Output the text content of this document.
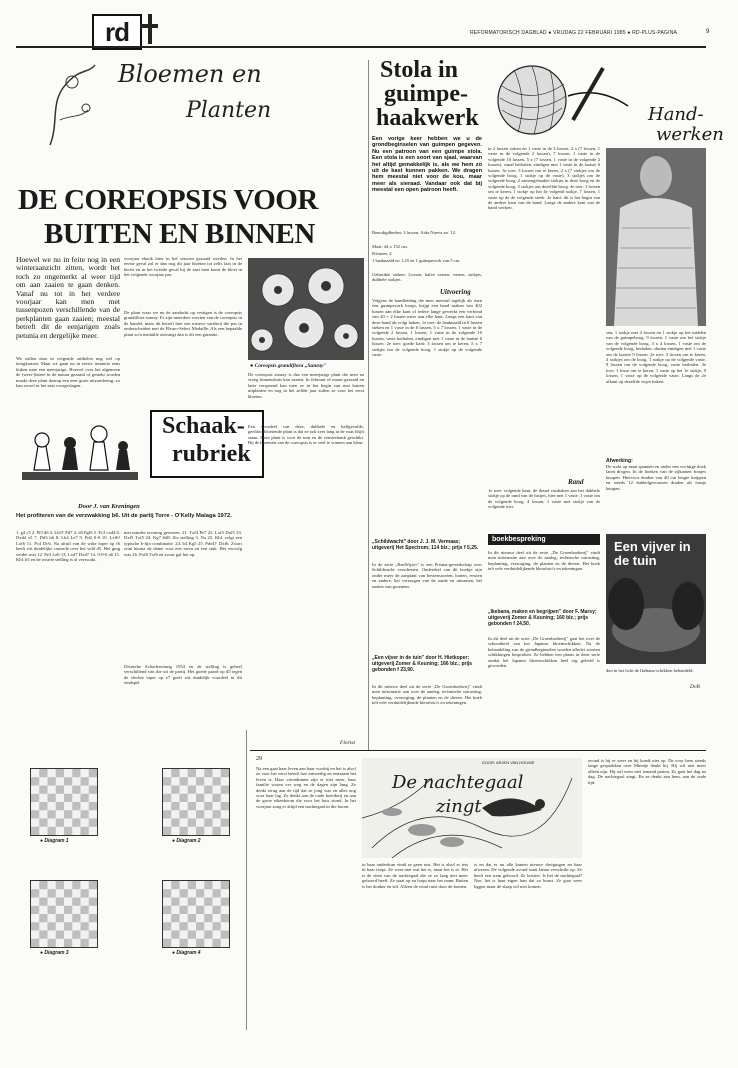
rd	REFORMATORISCH DAGBLAD ● VRIJDAG 22 FEBRUARI 1985 ● RD-PLUS-PAGINA	9
Bloemen en
Planten
DE COREOPSIS VOOR
BUITEN EN BINNEN
Hoewel we nu in feite nog in een winteraanzicht zitten, wordt het toch zo ongemerkt al weer tijd om aan zaaien te gaan denken. Vanaf nu tot in het verdere voorjaar kan men met tussenpozen verschillende van de perkplanten gaan zaaien; meestal betreft dit de eenjarigen zoals petunia en dergelijke meer.
We zullen daar in volgende artikelen nog wel op terugkomen. Maar we gaan nu in eerste instantie eens kijken naar een meerjarige. Hoewel over het algemeen de (weer-)latere in de natuur gezaaid of gestekt worden maakt deze plant daarop een zeer grote uitzondering; zo kan zowel in het zaai voorgeslagen.
voorjaar ebook later in het seizoen gezaaid worden. In het eerste geval zal er dan nog dit jaar bloeien tot zelfs laat in de herfst en in het tweede geval bij de zaai men komt de bloei in het volgende voorjaar pas.
De plant waar we nu de aandacht op vestigen is de coreopsis grandiflora sunray. Er zijn meerdere soorten van de coreopsis in de handel, maar dit betreft hier een nieuwe variëteit die pas in onderscheiden met de Fleuro-Select Medaille. Als een bepaalde plant zo'n medaille ontvangt dan is dit een garantie.
● Coreopsis grandiflora „Sunray"
De coreopsis sunray is dus een meerjarige plant die men na vroeg binnenshuis kan zaaien. In februari of maart gezaaid en later verspeend kan men ze in het begin van mei buiten uitplanten en nog in het zelfde jaar zullen ze voor het eerst bloeien.
Schaak-
rubriek
Een voordeel van deze, dubbele en halfgevulde, geeldoorbloeiende plant is dat ze ook zeer lang in de vaas blijft staan. Deze plant is voor de tuin en de vensterbank geschikt. Bij de bloemen van de coreopsis is er veel te winnen aan kleur.
Door J. van Kreningen
Het profiteren van de verzwakking b6. Uit de partij Torre - O'Kelly Malaga 1972.
1. g4 c5 2. Pf3 d6 3. Lb5† Pd7 4. d4 Pgf6 5. Pc3 cxd4 6. Dxd4 e5 7. Dd3 h6 8. Lh4 Le7 9. Pd2 0-0 10. Lxf6! Lxf6 11. Pc4 Dc6. Na afruil van de witte loper op f6 heeft wit duidelijke controle over het veld d5. Het ging verder met 12. Pe3 Le6 13. Lxd7 Dxd7 14. 0-0-0 a6 15. Kb1 b5 en de zwarte stelling is al verzwakt.
met minder ervaring gewezen. 21. Txf3 Pe7 22. Lxf5 Dxf5 23. Dxf5 Txf5 24. Kg7 Sd8. Zie stelling 3. Na 25. Kh1 volgt een typische b-lijn combinatie. 24. b4 Kg5 25. Pde4† Dxf6. Zwart wint hierna de dame voor een toren en een stuk. Het vervolg was 26. Pxf6 Txf6 en zwart gaf het op.
Deutsche Schachzeitung 1954 en de stelling is geheel verschillend van die uit de partij. Het goede paard op d5 tegen de slechte loper op e7 geeft wit duidelijk voordeel in dit eindspel.
Florist
● Diagram 1	● Diagram 2
● Diagram 3	● Diagram 4
Stola in
guimpe-
haakwerk
Een vorige keer hebben we u de grondbeginselen van guimpen gegeven. Nu een patroon van een guimpe stola. Een stola is een soort van sjaal, waarvan het altijd gemakkelijk is, als we hem zo uit de kast kunnen pakken. We dragen hem meestal niet voor de kou, maar meer als sieraad. Vandaar ook dat bij meestal een open patroon heeft.
Benodigdheden: 3 lussen, Aida Nueva no. 12.
Maat: 44 x 152 cm.
Kleuren: 4
1 haaknaald no 1,25 en 1 guimpevork van 5 cm.
Gebruikte steken: Lossen, halve vasten, vasten, stokjes, dubbele stokjes.
Uitvoering
Volgens de handleiding die men meestal tegelijk als men een guimpevork koopt, krijgt een band maken van 402 lussen aan elke kant of iedere lange gewerkt een verbond van 20 + 2 lussen meer aan elke kant. Langs een kant van deze band als volgt haken. 1e toer: de haaknaald in 6 lussen steken en 1 vaste in de 6 lussen, 5 x 7 lossen, 1 vaste in de volgende 2 lussen, 1 lossen, 1 vaste in de volgende 10 lussen, vaste herhalen, eindigen met 1 vaste in de laatste 6 lussen. 2e toer: goede kant: 3 lossen om te keren, 5 x 7 stokjes om de volgende boog, 1 stokje op de volgende vaste.
Hand-
werken
in 2 lussen ooken en 1 vaste in de 3 lussen, 2 x (7 lossen, 1 vaste in de volgende 2 lussen), 7 lossen, 1 vaste in de volgende 10 lussen, 5 x (7 lossen, 1 vaste in de volgende 2 lussen), vanaf herhalen, eindigen met 1 vaste in de laatste 6 lussen. 3e toer: 3 lossen om te keren, 2 x (7 stokjes om de volgende boog, 1 stokje op de vaste), 3 stokjes om de volgende boog, 2 samengehaakte stokjes in deze boog en de volgende boog, 3 stokjes om dezelfde boog. 4e toer: 3 lossen om te keren, 1 stokje op het 4e volgend stokje, 7 lossen, 1 vaste op de 4e volgende steek. 2e kant: dit is het begin van de andere kant van de band. Langs de andere kant van de band werken.
Rand
1e toer: volgende kant, de draad vasthaken aan het dubbele stokje op de rand van de lustjes, hier met 1 vaste, 1 vaste om de volgende boog, 4 lossen, 1 vaste met stokje van de volgende toer.
sen, 1 stokje met 4 lossen en 1 stokje op het midden van de guimpeboog, 9 lossen, 1 vaste om het stokje van de volgende boog, 3 x 4 lossen, 1 vaste om de volgende boog, herhalen, sluiten eindigen met 1 vaste om de laatste 9 lossen. 2e toer: 3 lossen om te keren, 4 stokjes om de boog, 1 stokje op de volgende vaste, 9 lossen om de volgende boog, vaste herhalen. 3e toer: 1 losse om te keren, 1 vaste op het 1e stokje, 9 lossen, 1 vaste op de volgende vaste. Langs de 2e afkant op dezelfde wijze haken.
Afwerking:
De stola op maat spannen en onder een vochtige doek laten drogen. In de hoeken van de zijkanten franjes knopen. Hiervoor draden van 40 cm lengte knippen en steeds 12 dubbelgevouwen draden als franje knopen.
boekbespreking
„Schildwacht" door J. J. M. Vermaas; uitgeverij Het Spectrum; 114 blz.; prijs f 5,25.
In de serie „RenWijzer" is een Prisma-gereedschap over Schildwacht verschenen. Onderdeel van dit boekje zijn onder meer de aanplant van bessensoorten, bonen, erwten en andere, het verzorgen van de aarde en uitzaaien, het zaaien van groenten.
„Een vijver in de tuin" door H. Hietkoper; uitgeverij Zomer & Keuning; 166 blz.; prijs gebonden f 23,90.
In dit nieuwe deel uit de serie „De Groenboekerij" vindt men informatie aan over de aanleg, technische uitrusting, beplanting, verzorging, de planten en de dieren. Het boek telt vele verduidelijkende kleurfoto's en tekeningen.
In dit nieuwe deel uit de serie „De Groenboekerij" vindt men informatie aan over de aanleg, technische uitrusting, beplanting, verzorging, de planten en de dieren. Het boek telt vele verduidelijkende kleurfoto's en tekeningen.
„Ikebana, maken en begrijpen" door F. Marsy; uitgeverij Zomer & Keuning; 160 blz.; prijs gebonden f 24,50.
In dit deel uit de serie „De Groenboekerij" gaat het over de schoonheid van het Japanse bloemschikken. Na de behandeling van de grondbeginselen worden allerlei soorten schikkingen besproken. Ze hebben een plaats in deze serie omdat het Japanse bloemschikken heel erg geliefd is geworden.
Een vijver in de tuin
den in het licht de Ikebana-schikken behandeld.
DvB
29
Na een gaat haar leven aan haar voorbij en het is alsof ze voor het eerst beseft hoe armoedig en eenzaam het leven is. Haar vriendinnen zijn er niet meer, haar familie woont ver weg en de dagen zijn lang. Ze denkt terug aan de tijd dat ze jong was en alles nog voor haar lag. Ze denkt aan de oude boerderij en aan de grote eikenboom die voor het huis stond. In het voorjaar zong er altijd een nachtegaal in die boom.
DOOR: ARJEN VAN HOUWE
De nachtegaal
zingt
in haar ouderdom vindt ze geen rust. Het is alsof er iets in haar roept. Ze weet niet wat het is, maar het is er. Het is de stem van de nachtegaal die ze zo lang niet meer gehoord heeft. Ze staat op en loopt naar het raam. Buiten is het donker en stil. Alleen de wind ruist door de bomen.
is en dat er nu alle kanten nieuwe dreigingen en haar afweren. De volgende avond staat Janna verschrikt op. Ze heeft een stem gehoord. Ze luistert. Is het de nachtegaal? Nee, het is haar eigen hart dat zo bonst. Ze gaat weer liggen maar de slaap wil niet komen.
avond is hij er weer en hij kondt niet op. De voor hem steeds lange gesprekken over Minetje denkt hij. Hij wil niet meer alleen zijn. Hij wil weer met iemand praten. Zo gaat het dag na dag. De nachtegaal zingt. En ze denkt aan hem, aan de oude tijd.
